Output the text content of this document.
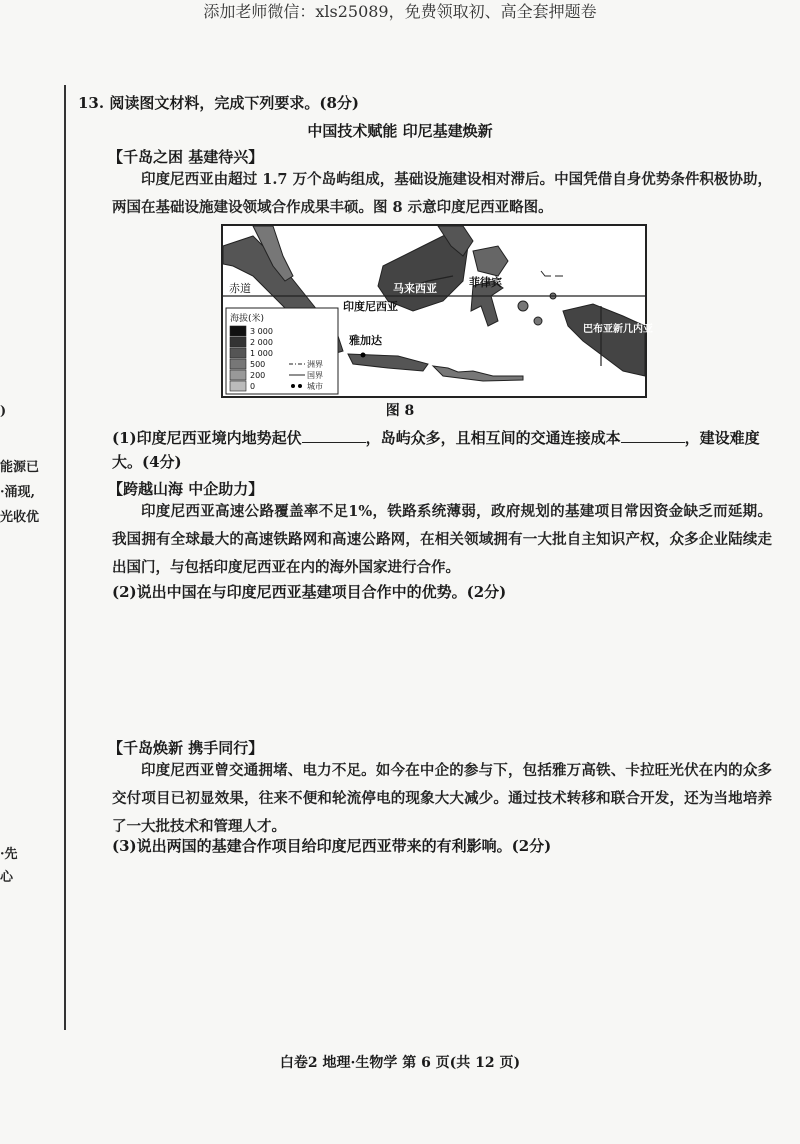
添加老师微信：xls25089，免费领取初、高全套押题卷
)
能源已
·涌现,
光收优
·先
心
13. 阅读图文材料，完成下列要求。(8分)
中国技术赋能 印尼基建焕新
【千岛之困 基建待兴】

印度尼西亚由超过 1.7 万个岛屿组成，基础设施建设相对滞后。中国凭借自身优势条件积极协助，两国在基础设施建设领域合作成果丰硕。图 8 示意印度尼西亚略图。

赤道
印度尼西亚
马来西亚	菲律宾
巴布亚新几内亚
雅加达
海拔(米)
3 000
2 000
1 000
500
200
0
洲界
国界
城市
图 8
(1)印度尼西亚境内地势起伏	，岛屿众多，且相互间的交通连接成本	，建设难度大。(4分)
【跨越山海 中企助力】

印度尼西亚高速公路覆盖率不足1%，铁路系统薄弱，政府规划的基建项目常因资金缺乏而延期。我国拥有全球最大的高速铁路网和高速公路网，在相关领域拥有一大批自主知识产权，众多企业陆续走出国门，与包括印度尼西亚在内的海外国家进行合作。

(2)说出中国在与印度尼西亚基建项目合作中的优势。(2分)
【千岛焕新 携手同行】

印度尼西亚曾交通拥堵、电力不足。如今在中企的参与下，包括雅万高铁、卡拉旺光伏在内的众多交付项目已初显效果，往来不便和轮流停电的现象大大减少。通过技术转移和联合开发，还为当地培养了一大批技术和管理人才。

(3)说出两国的基建合作项目给印度尼西亚带来的有利影响。(2分)
白卷2 地理·生物学 第 6 页(共 12 页)
